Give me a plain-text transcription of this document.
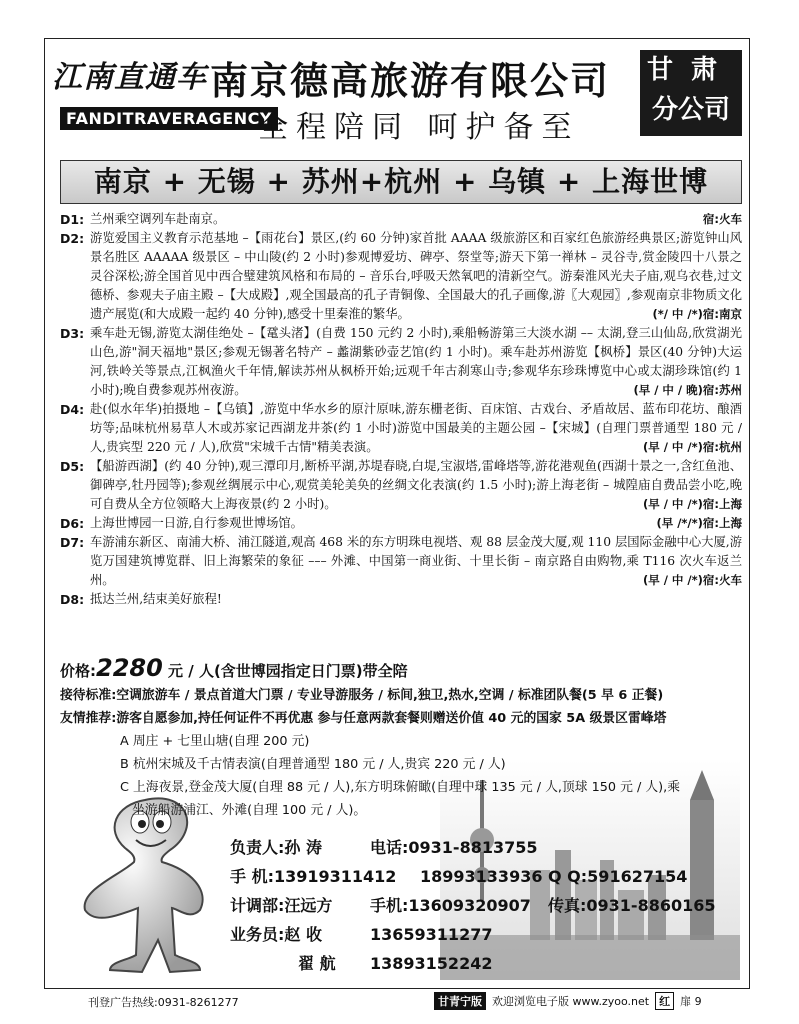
江南直通车 南京德高旅游有限公司
FANDITRAVERAGENCY
全程陪同 呵护备至
甘肃
分公司
南京 + 无锡 + 苏州+杭州 + 乌镇 + 上海世博
D1: 兰州乘空调列车赴南京。	宿:火车
D2: 游览爱国主义教育示范基地 –【雨花台】景区,(约 60 分钟)家首批 AAAA 级旅游区和百家红色旅游经典景区;游览钟山风景名胜区 AAAAA 级景区 – 中山陵(约 2 小时)参观博爱坊、碑亭、祭堂等;游天下第一禅林 – 灵谷寺,赏金陵四十八景之灵谷深松;游全国首见中西合璧建筑风格和布局的 – 音乐台,呼吸天然氧吧的清新空气。游秦淮风光夫子庙,观乌衣巷,过文德桥、参观夫子庙主殿 –【大成殿】,观全国最高的孔子青铜像、全国最大的孔子画像,游〖大观园〗,参观南京非物质文化遗产展览(和大成殿一起约 40 分钟),感受十里秦淮的繁华。	(*/ 中 /*)宿:南京
D3: 乘车赴无锡,游览太湖佳绝处 –【鼋头渚】(自费 150 元约 2 小时),乘船畅游第三大淡水湖 –– 太湖,登三山仙岛,欣赏湖光山色,游"洞天福地"景区;参观无锡著名特产 – 蠡湖紫砂壶艺馆(约 1 小时)。乘车赴苏州游览【枫桥】景区(40 分钟)大运河,铁岭关等景点,江枫渔火千年情,解读苏州从枫桥开始;远观千年古刹寒山寺;参观华东珍珠博览中心或太湖珍珠馆(约 1 小时);晚自费参观苏州夜游。	(早 / 中 / 晚)宿:苏州
D4: 赴(似水年华)拍摄地 –【乌镇】,游览中华水乡的原汁原味,游东栅老街、百床馆、古戏台、矛盾故居、蓝布印花坊、酿酒坊等;品味杭州易草人木或苏家记西湖龙井茶(约 1 小时)游览中国最美的主题公园 –【宋城】(自理门票普通型 180 元 / 人,贵宾型 220 元 / 人),欣赏"宋城千古情"精美表演。	(早 / 中 /*)宿:杭州
D5: 【船游西湖】(约 40 分钟),观三潭印月,断桥平湖,苏堤春晓,白堤,宝淑塔,雷峰塔等,游花港观鱼(西湖十景之一,含红鱼池、御碑亭,牡丹园等);参观丝绸展示中心,观赏美轮美奂的丝绸文化表演(约 1.5 小时);游上海老街 – 城隍庙自费品尝小吃,晚可自费从全方位领略大上海夜景(约 2 小时)。	(早 / 中 /*)宿:上海
D6: 上海世博园一日游,自行参观世博场馆。	(早 /*/*)宿:上海
D7: 车游浦东新区、南浦大桥、浦江隧道,观高 468 米的东方明珠电视塔、观 88 层金茂大厦,观 110 层国际金融中心大厦,游览万国建筑博览群、旧上海繁荣的象征 ––– 外滩、中国第一商业街、十里长街 – 南京路自由购物,乘 T116 次火车返兰州。	(早 / 中 /*)宿:火车
D8: 抵达兰州,结束美好旅程!
价格:2280 元 / 人(含世博园指定日门票)带全陪
接待标准:空调旅游车 / 景点首道大门票 / 专业导游服务 / 标间,独卫,热水,空调 / 标准团队餐(5 早 6 正餐)
友情推荐:游客自愿参加,持任何证件不再优惠 参与任意两款套餐则赠送价值 40 元的国家 5A 级景区雷峰塔
负责人:孙 涛	电话:0931-8813755
手 机:13919311412 18993133936 Q Q:591627154
计调部:汪远方 手机:13609320907 传真:0931-8860165
业务员:赵 收	13659311277
翟 航 13893152242
A 周庄 + 七里山塘(自理 200 元)
B 杭州宋城及千古情表演(自理普通型 180 元 / 人,贵宾 220 元 / 人)
C 上海夜景,登金茂大厦(自理 88 元 / 人),东方明珠俯瞰(自理中球 135 元 / 人,顶球 150 元 / 人),乘
坐游船游浦江、外滩(自理 100 元 / 人)。
刊登广告热线:0931-8261277	甘青宁版 欢迎浏览电子版 www.zyoo.net 红 扉 9
